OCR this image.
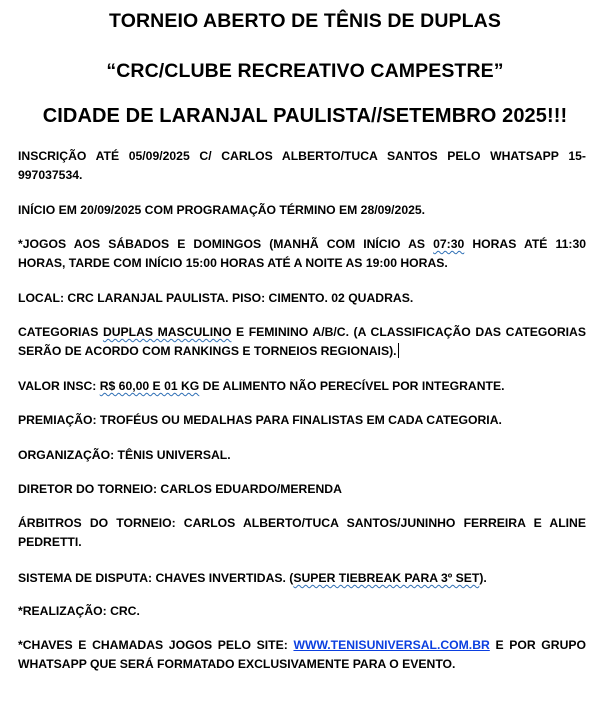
TORNEIO ABERTO DE TÊNIS DE DUPLAS
“CRC/CLUBE RECREATIVO CAMPESTRE”
CIDADE DE LARANJAL PAULISTA//SETEMBRO 2025!!!
INSCRIÇÃO ATÉ 05/09/2025 C/ CARLOS ALBERTO/TUCA SANTOS PELO WHATSAPP 15-
997037534.
INÍCIO EM 20/09/2025 COM PROGRAMAÇÃO TÉRMINO EM 28/09/2025.
*JOGOS AOS SÁBADOS E DOMINGOS (MANHÃ COM INÍCIO AS 07:30 HORAS ATÉ 11:30
HORAS, TARDE COM INÍCIO 15:00 HORAS ATÉ A NOITE AS 19:00 HORAS.
LOCAL: CRC LARANJAL PAULISTA. PISO: CIMENTO. 02 QUADRAS.
CATEGORIAS DUPLAS MASCULINO E FEMININO A/B/C. (A CLASSIFICAÇÃO DAS CATEGORIAS
SERÃO DE ACORDO COM RANKINGS E TORNEIOS REGIONAIS).
VALOR INSC: R$ 60,00 E 01 KG DE ALIMENTO NÃO PERECÍVEL POR INTEGRANTE.
PREMIAÇÃO: TROFÉUS OU MEDALHAS PARA FINALISTAS EM CADA CATEGORIA.
ORGANIZAÇÃO: TÊNIS UNIVERSAL.
DIRETOR DO TORNEIO: CARLOS EDUARDO/MERENDA
ÁRBITROS DO TORNEIO: CARLOS ALBERTO/TUCA SANTOS/JUNINHO FERREIRA E ALINE
PEDRETTI.
SISTEMA DE DISPUTA: CHAVES INVERTIDAS. (SUPER TIEBREAK PARA 3º SET).
*REALIZAÇÃO: CRC.
*CHAVES E CHAMADAS JOGOS PELO SITE: WWW.TENISUNIVERSAL.COM.BR E POR GRUPO
WHATSAPP QUE SERÁ FORMATADO EXCLUSIVAMENTE PARA O EVENTO.
